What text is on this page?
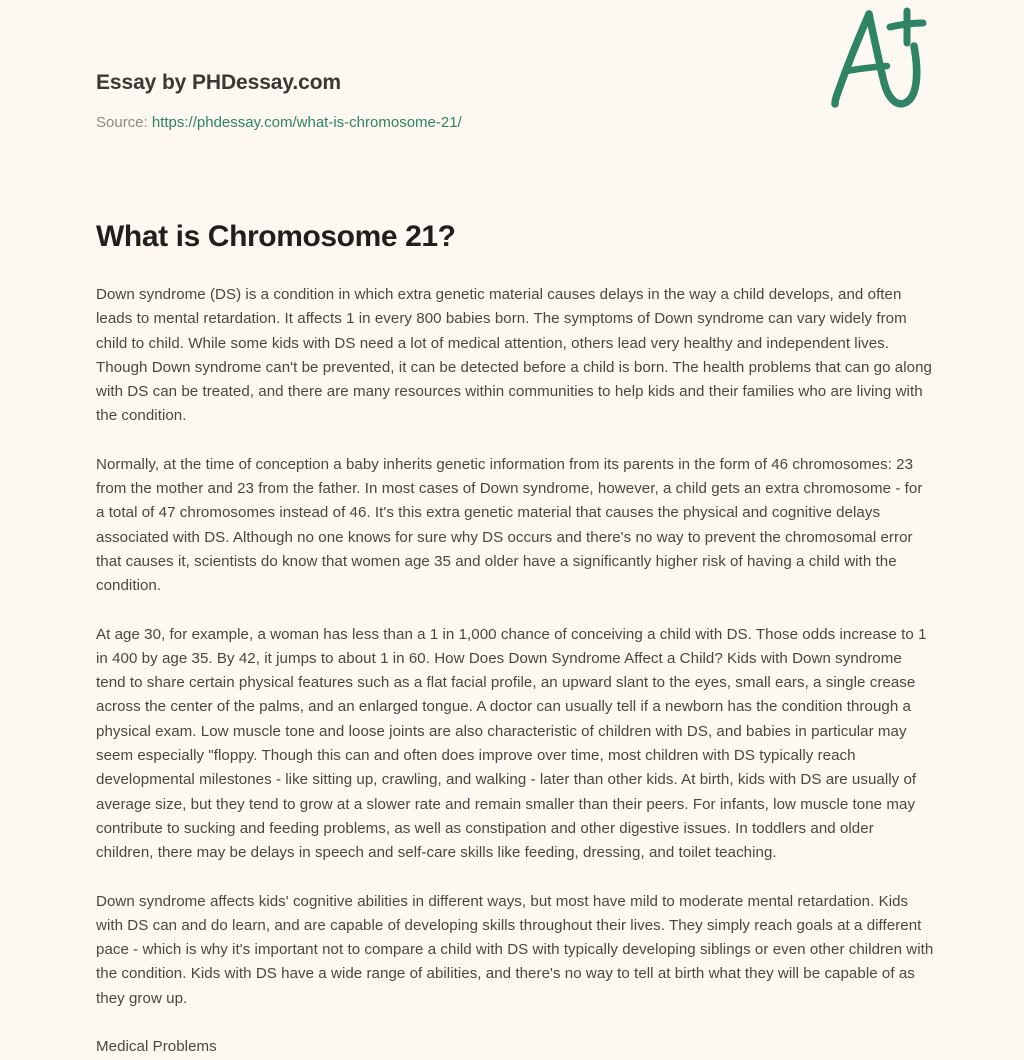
Essay by PHDessay.com
Source: https://phdessay.com/what-is-chromosome-21/
What is Chromosome 21?

Down syndrome (DS) is a condition in which extra genetic material causes delays in the way a child develops, and often leads to mental retardation. It affects 1 in every 800 babies born. The symptoms of Down syndrome can vary widely from child to child. While some kids with DS need a lot of medical attention, others lead very healthy and independent lives. Though Down syndrome can't be prevented, it can be detected before a child is born. The health problems that can go along with DS can be treated, and there are many resources within communities to help kids and their families who are living with the condition.

Normally, at the time of conception a baby inherits genetic information from its parents in the form of 46 chromosomes: 23 from the mother and 23 from the father. In most cases of Down syndrome, however, a child gets an extra chromosome - for a total of 47 chromosomes instead of 46. It's this extra genetic material that causes the physical and cognitive delays associated with DS. Although no one knows for sure why DS occurs and there's no way to prevent the chromosomal error that causes it, scientists do know that women age 35 and older have a significantly higher risk of having a child with the condition.

At age 30, for example, a woman has less than a 1 in 1,000 chance of conceiving a child with DS. Those odds increase to 1 in 400 by age 35. By 42, it jumps to about 1 in 60. How Does Down Syndrome Affect a Child? Kids with Down syndrome tend to share certain physical features such as a flat facial profile, an upward slant to the eyes, small ears, a single crease across the center of the palms, and an enlarged tongue. A doctor can usually tell if a newborn has the condition through a physical exam. Low muscle tone and loose joints are also characteristic of children with DS, and babies in particular may seem especially "floppy. Though this can and often does improve over time, most children with DS typically reach developmental milestones - like sitting up, crawling, and walking - later than other kids. At birth, kids with DS are usually of average size, but they tend to grow at a slower rate and remain smaller than their peers. For infants, low muscle tone may contribute to sucking and feeding problems, as well as constipation and other digestive issues. In toddlers and older children, there may be delays in speech and self-care skills like feeding, dressing, and toilet teaching.

Down syndrome affects kids' cognitive abilities in different ways, but most have mild to moderate mental retardation. Kids with DS can and do learn, and are capable of developing skills throughout their lives. They simply reach goals at a different pace - which is why it's important not to compare a child with DS with typically developing siblings or even other children with the condition. Kids with DS have a wide range of abilities, and there's no way to tell at birth what they will be capable of as they grow up.

Medical Problems
